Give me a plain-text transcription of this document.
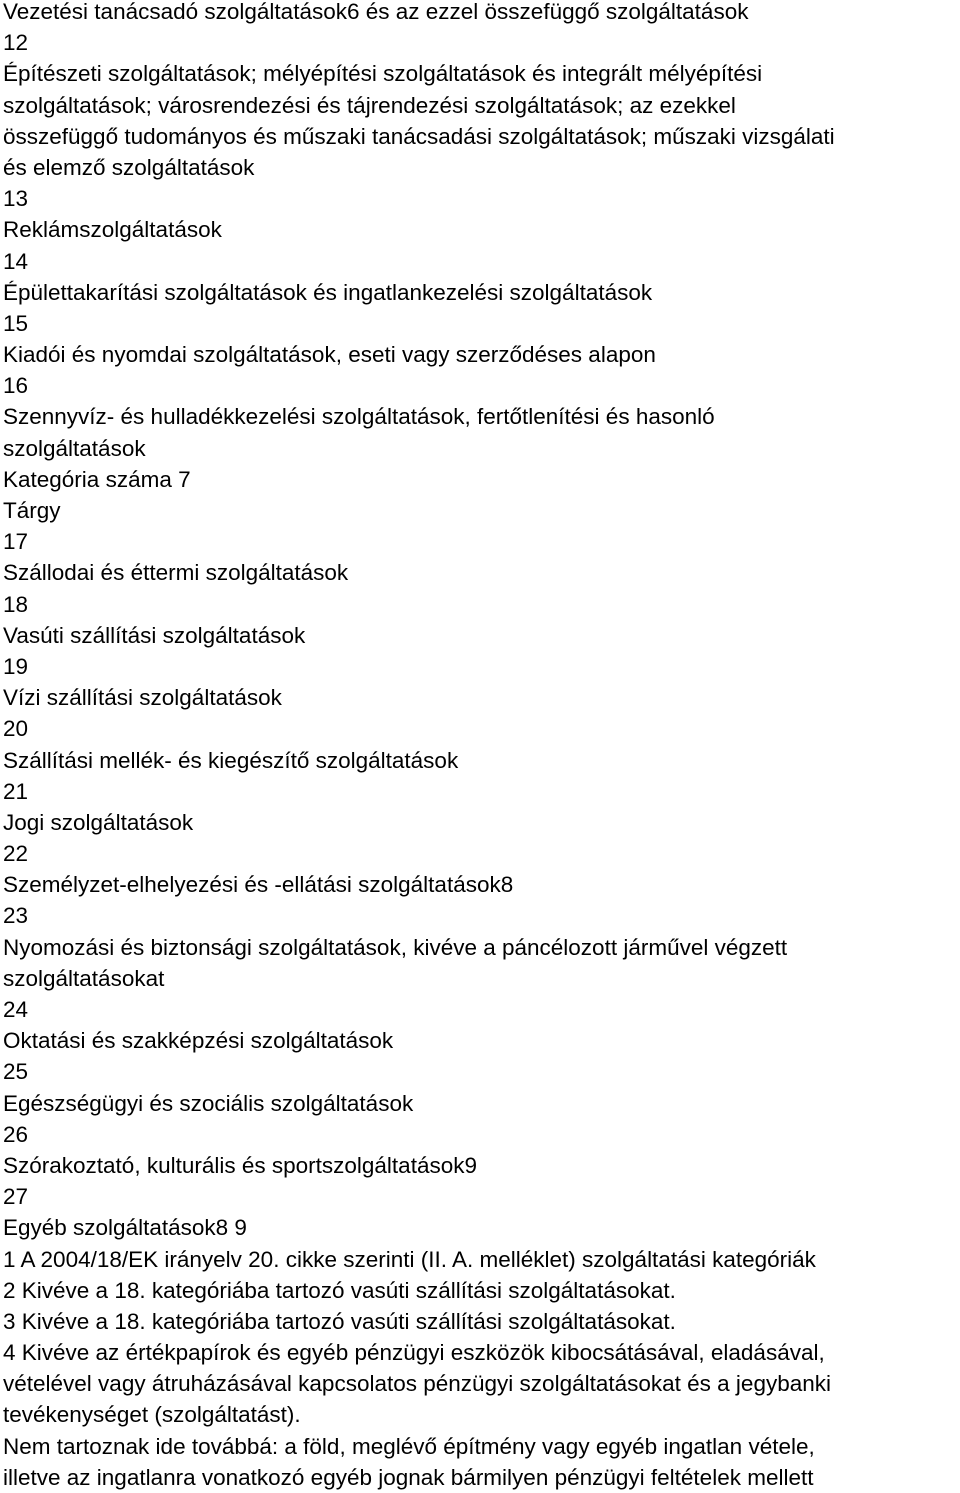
Vezetési tanácsadó szolgáltatások6 és az ezzel összefüggő szolgáltatások
12
Építészeti szolgáltatások; mélyépítési szolgáltatások és integrált mélyépítési
szolgáltatások; városrendezési és tájrendezési szolgáltatások; az ezekkel
összefüggő tudományos és műszaki tanácsadási szolgáltatások; műszaki vizsgálati
és elemző szolgáltatások
13
Reklámszolgáltatások
14
Épülettakarítási szolgáltatások és ingatlankezelési szolgáltatások
15
Kiadói és nyomdai szolgáltatások, eseti vagy szerződéses alapon
16
Szennyvíz- és hulladékkezelési szolgáltatások, fertőtlenítési és hasonló
szolgáltatások
Kategória száma 7
Tárgy
17
Szállodai és éttermi szolgáltatások
18
Vasúti szállítási szolgáltatások
19
Vízi szállítási szolgáltatások
20
Szállítási mellék- és kiegészítő szolgáltatások
21
Jogi szolgáltatások
22
Személyzet-elhelyezési és -ellátási szolgáltatások8
23
Nyomozási és biztonsági szolgáltatások, kivéve a páncélozott járművel végzett
szolgáltatásokat
24
Oktatási és szakképzési szolgáltatások
25
Egészségügyi és szociális szolgáltatások
26
Szórakoztató, kulturális és sportszolgáltatások9
27
Egyéb szolgáltatások8 9
1 A 2004/18/EK irányelv 20. cikke szerinti (II. A. melléklet) szolgáltatási kategóriák
2 Kivéve a 18. kategóriába tartozó vasúti szállítási szolgáltatásokat.
3 Kivéve a 18. kategóriába tartozó vasúti szállítási szolgáltatásokat.
4 Kivéve az értékpapírok és egyéb pénzügyi eszközök kibocsátásával, eladásával,
vételével vagy átruházásával kapcsolatos pénzügyi szolgáltatásokat és a jegybanki
tevékenységet (szolgáltatást).
Nem tartoznak ide továbbá: a föld, meglévő építmény vagy egyéb ingatlan vétele,
illetve az ingatlanra vonatkozó egyéb jognak bármilyen pénzügyi feltételek mellett
